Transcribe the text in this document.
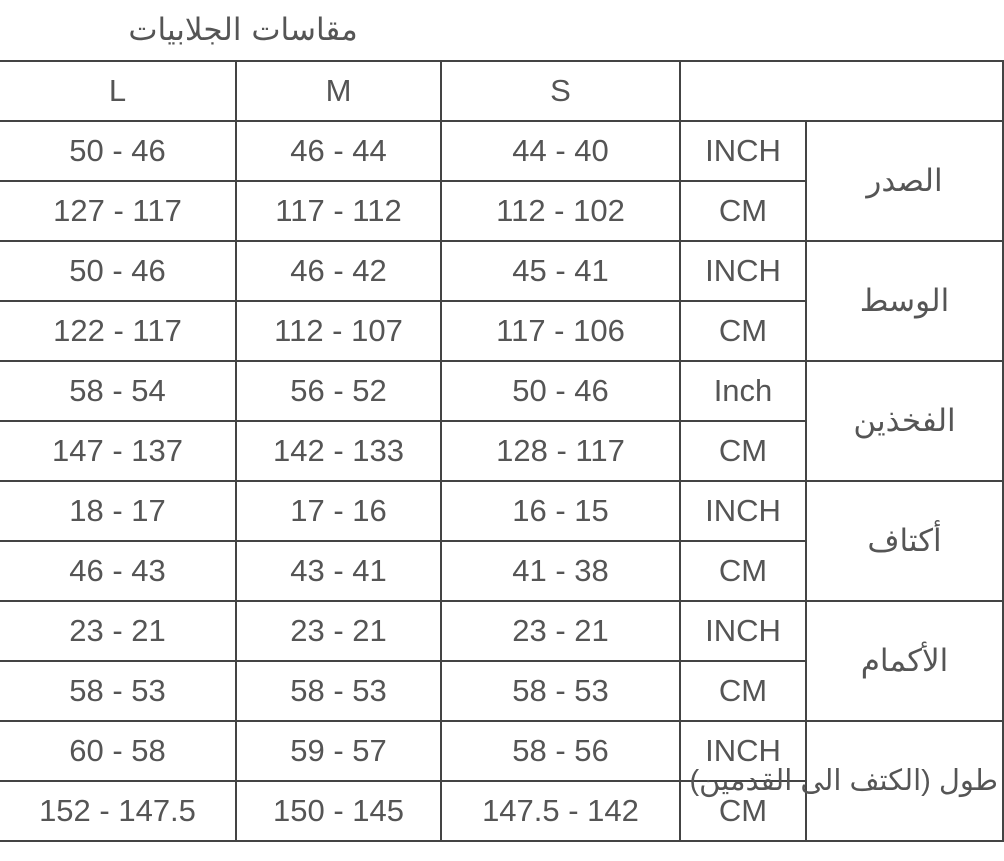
مقاسات الجلابيات
L	M	S		
50 - 46	46 - 44	44 - 40	INCH	الصدر
127 - 117	117 - 112	112 - 102	CM	
50 - 46	46 - 42	45 - 41	INCH	الوسط
122 - 117	112 - 107	117 - 106	CM	
58 - 54	56 - 52	50 - 46	Inch	الفخذين
147 - 137	142 - 133	128 - 117	CM	
18 - 17	17 - 16	16 - 15	INCH	أكتاف
46 - 43	43 - 41	41 - 38	CM	
23 - 21	23 - 21	23 - 21	INCH	الأكمام
58 - 53	58 - 53	58 - 53	CM	
60 - 58	59 - 57	58 - 56	INCH	طول (الكتف الى القدمين)
152 - 147.5	150 - 145	147.5 - 142	CM	
